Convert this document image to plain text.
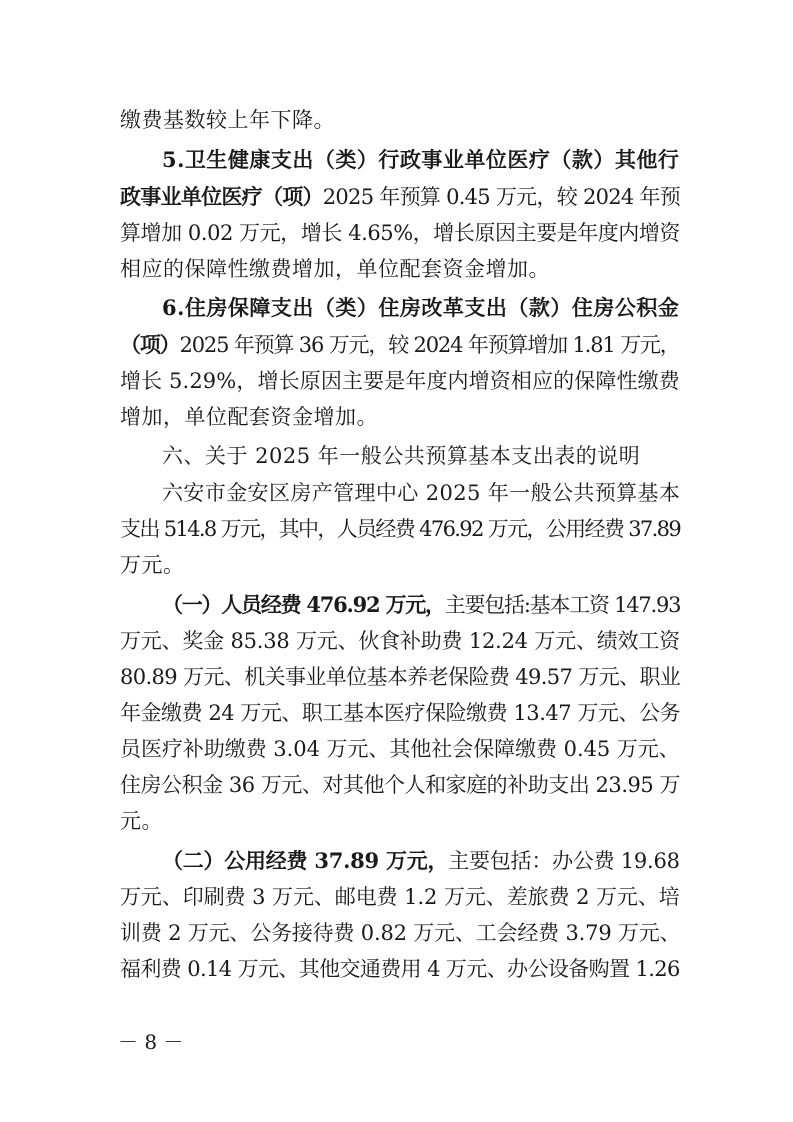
缴费基数较上年下降。
5.卫生健康支出（类）行政事业单位医疗（款）其他行
政事业单位医疗（项）2025 年预算 0.45 万元，较 2024 年预
算增加 0.02 万元，增长 4.65%，增长原因主要是年度内增资
相应的保障性缴费增加，单位配套资金增加。
6.住房保障支出（类）住房改革支出（款）住房公积金
（项）2025 年预算 36 万元，较 2024 年预算增加 1.81 万元，
增长 5.29%，增长原因主要是年度内增资相应的保障性缴费
增加，单位配套资金增加。
六、关于 2025 年一般公共预算基本支出表的说明
六安市金安区房产管理中心 2025 年一般公共预算基本
支出 514.8 万元，其中，人员经费 476.92 万元，公用经费 37.89
万元。
（一）人员经费 476.92 万元，主要包括:基本工资 147.93
万元、奖金 85.38 万元、伙食补助费 12.24 万元、绩效工资
80.89 万元、机关事业单位基本养老保险费 49.57 万元、职业
年金缴费 24 万元、职工基本医疗保险缴费 13.47 万元、公务
员医疗补助缴费 3.04 万元、其他社会保障缴费 0.45 万元、
住房公积金 36 万元、对其他个人和家庭的补助支出 23.95 万
元。
（二）公用经费 37.89 万元，主要包括：办公费 19.68
万元、印刷费 3 万元、邮电费 1.2 万元、差旅费 2 万元、培
训费 2 万元、公务接待费 0.82 万元、工会经费 3.79 万元、
福利费 0.14 万元、其他交通费用 4 万元、办公设备购置 1.26
－ 8 －
